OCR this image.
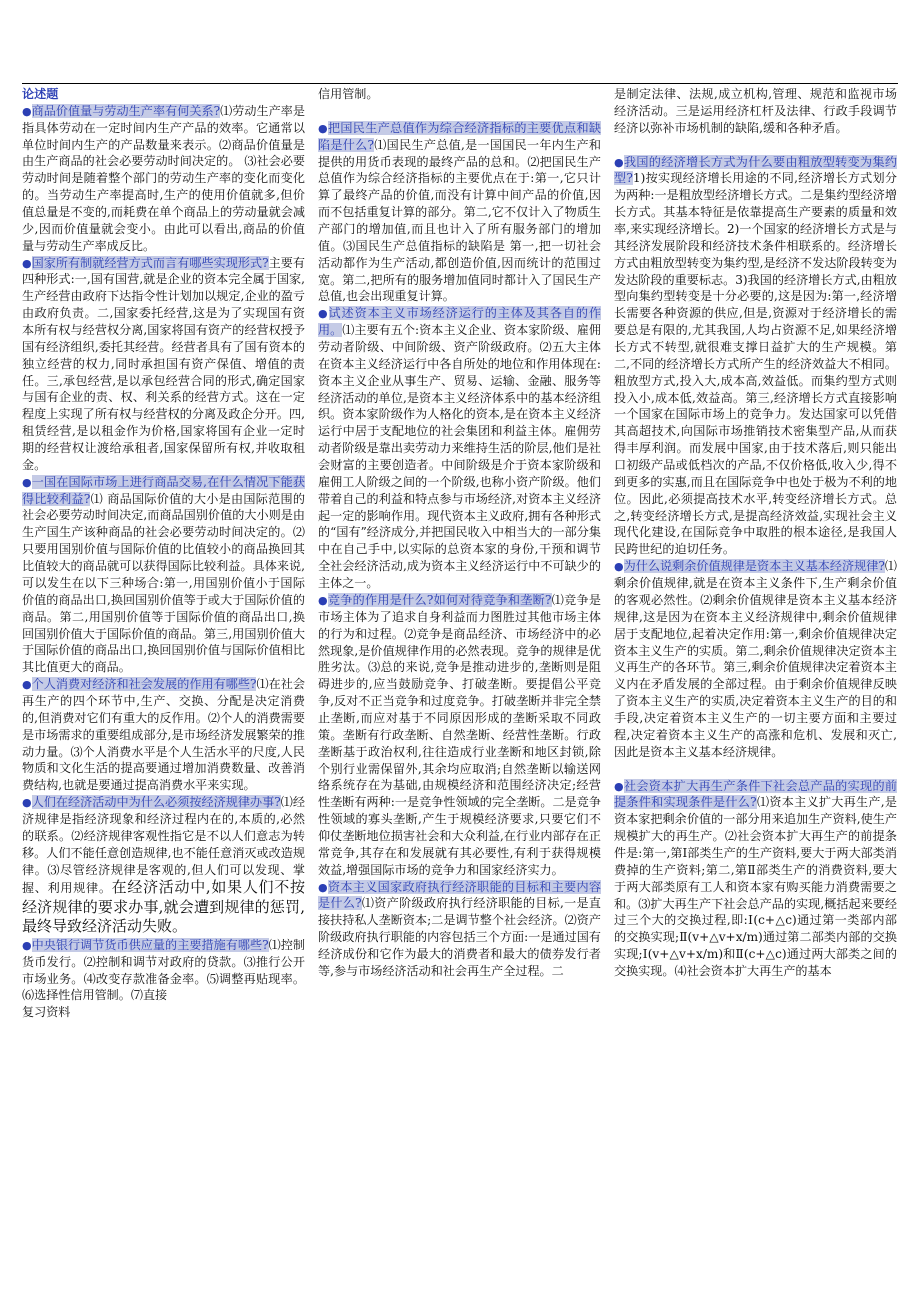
论述题

●商品价值量与劳动生产率有何关系?⑴劳动生产率是指具体劳动在一定时间内生产产品的效率。它通常以单位时间内生产的产品数量来表示。⑵商品价值量是由生产商品的社会必要劳动时间决定的。 ⑶社会必要劳动时间是随着整个部门的劳动生产率的变化而变化的。当劳动生产率提高时,生产的使用价值就多,但价值总量是不变的,而耗费在单个商品上的劳动量就会减少,因而价值量就会变小。由此可以看出,商品的价值量与劳动生产率成反比。

●国家所有制就经营方式而言有哪些实现形式?主要有四种形式:一,国有国营,就是企业的资本完全属于国家,生产经营由政府下达指令性计划加以规定,企业的盈亏由政府负责。二,国家委托经营,这是为了实现国有资本所有权与经营权分离,国家将国有资产的经营权授予国有经济组织,委托其经营。经营者具有了国有资本的独立经营的权力,同时承担国有资产保值、增值的责任。三,承包经营,是以承包经营合同的形式,确定国家与国有企业的责、权、利关系的经营方式。这在一定程度上实现了所有权与经营权的分离及政企分开。四,租赁经营,是以租金作为价格,国家将国有企业一定时期的经营权让渡给承租者,国家保留所有权,并收取租金。

●一国在国际市场上进行商品交易,在什么情况下能获得比较利益?⑴ 商品国际价值的大小是由国际范围的社会必要劳动时间决定,而商品国别价值的大小则是由生产国生产该种商品的社会必要劳动时间决定的。⑵只要用国别价值与国际价值的比值较小的商品换回其比值较大的商品就可以获得国际比较利益。具体来说,可以发生在以下三种场合:第一,用国别价值小于国际价值的商品出口,换回国别价值等于或大于国际价值的商品。第二,用国别价值等于国际价值的商品出口,换回国别价值大于国际价值的商品。第三,用国别价值大于国际价值的商品出口,换回国别价值与国际价值相比其比值更大的商品。

●个人消费对经济和社会发展的作用有哪些?⑴在社会再生产的四个环节中,生产、交换、分配是决定消费的,但消费对它们有重大的反作用。⑵个人的消费需要是市场需求的重要组成部分,是市场经济发展繁荣的推动力量。⑶个人消费水平是个人生活水平的尺度,人民物质和文化生活的提高要通过增加消费数量、改善消费结构,也就是要通过提高消费水平来实现。

●人们在经济活动中为什么必须按经济规律办事?⑴经济规律是指经济现象和经济过程内在的,本质的,必然的联系。⑵经济规律客观性指它是不以人们意志为转移。人们不能任意创造规律,也不能任意消灭或改造规律。⑶尽管经济规律是客观的,但人们可以发现、掌握、利用规律。在经济活动中,如果人们不按经济规律的要求办事,就会遭到规律的惩罚,最终导致经济活动失败。

●中央银行调节货币供应量的主要措施有哪些?⑴控制货币发行。⑵控制和调节对政府的贷款。⑶推行公开市场业务。⑷改变存款准备金率。⑸调整再贴现率。⑹选择性信用管制。⑺直接

复习资料

信用管制。

●把国民生产总值作为综合经济指标的主要优点和缺陷是什么?⑴国民生产总值,是一国国民一年内生产和提供的用货币表现的最终产品的总和。⑵把国民生产总值作为综合经济指标的主要优点在于:第一,它只计算了最终产品的价值,而没有计算中间产品的价值,因而不包括重复计算的部分。第二,它不仅计入了物质生产部门的增加值,而且也计入了所有服务部门的增加值。⑶国民生产总值指标的缺陷是 第一,把一切社会活动都作为生产活动,都创造价值,因而统计的范围过宽。第二,把所有的服务增加值同时都计入了国民生产总值,也会出现重复计算。

●试述资本主义市场经济运行的主体及其各自的作用。⑴主要有五个:资本主义企业、资本家阶级、雇佣劳动者阶级、中间阶级、资产阶级政府。⑵五大主体在资本主义经济运行中各自所处的地位和作用体现在:资本主义企业从事生产、贸易、运输、金融、服务等经济活动的单位,是资本主义经济体系中的基本经济组织。资本家阶级作为人格化的资本,是在资本主义经济运行中居于支配地位的社会集团和利益主体。雇佣劳动者阶级是靠出卖劳动力来维持生活的阶层,他们是社会财富的主要创造者。中间阶级是介于资本家阶级和雇佣工人阶级之间的一个阶级,也称小资产阶级。他们带着自己的利益和特点参与市场经济,对资本主义经济起一定的影响作用。现代资本主义政府,拥有各种形式的“国有”经济成分,并把国民收入中相当大的一部分集中在自己手中,以实际的总资本家的身份,干预和调节全社会经济活动,成为资本主义经济运行中不可缺少的主体之一。

●竞争的作用是什么?如何对待竞争和垄断?⑴竞争是市场主体为了追求自身利益而力图胜过其他市场主体的行为和过程。⑵竞争是商品经济、市场经济中的必然现象,是价值规律作用的必然表现。竞争的规律是优胜劣汰。⑶总的来说,竞争是推动进步的,垄断则是阻碍进步的,应当鼓励竞争、打破垄断。要提倡公平竞争,反对不正当竞争和过度竞争。打破垄断并非完全禁止垄断,而应对基于不同原因形成的垄断采取不同政策。垄断有行政垄断、自然垄断、经营性垄断。行政垄断基于政治权利,往往造成行业垄断和地区封锁,除个别行业需保留外,其余均应取消;自然垄断以输送网络系统存在为基础,由规模经济和范围经济决定;经营性垄断有两种:一是竞争性领域的完全垄断。二是竞争性领域的寡头垄断,产生于规模经济要求,只要它们不仰仗垄断地位损害社会和大众利益,在行业内部存在正常竞争,其存在和发展就有其必要性,有利于获得规模效益,增强国际市场的竞争力和国家经济实力。

●资本主义国家政府执行经济职能的目标和主要内容是什么?⑴资产阶级政府执行经济职能的目标,一是直接扶持私人垄断资本;二是调节整个社会经济。⑵资产阶级政府执行职能的内容包括三个方面:一是通过国有经济成份和它作为最大的消费者和最大的债券发行者等,参与市场经济活动和社会再生产全过程。二

是制定法律、法规,成立机构,管理、规范和监视市场经济活动。三是运用经济杠杆及法律、行政手段调节经济以弥补市场机制的缺陷,缓和各种矛盾。

●我国的经济增长方式为什么要由粗放型转变为集约型?1)按实现经济增长用途的不同,经济增长方式划分为两种:一是粗放型经济增长方式。二是集约型经济增长方式。其基本特征是依靠提高生产要素的质量和效率,来实现经济增长。2)一个国家的经济增长方式是与其经济发展阶段和经济技术条件相联系的。经济增长方式由粗放型转变为集约型,是经济不发达阶段转变为发达阶段的重要标志。3)我国的经济增长方式,由粗放型向集约型转变是十分必要的,这是因为:第一,经济增长需要各种资源的供应,但是,资源对于经济增长的需要总是有限的,尤其我国,人均占资源不足,如果经济增长方式不转型,就很难支撑日益扩大的生产规模。第二,不同的经济增长方式所产生的经济效益大不相同。粗放型方式,投入大,成本高,效益低。而集约型方式则投入小,成本低,效益高。第三,经济增长方式直接影响一个国家在国际市场上的竞争力。发达国家可以凭借其高超技术,向国际市场推销技术密集型产品,从而获得丰厚利润。而发展中国家,由于技术落后,则只能出口初级产品或低档次的产品,不仅价格低,收入少,得不到更多的实惠,而且在国际竞争中也处于极为不利的地位。因此,必须提高技术水平,转变经济增长方式。总之,转变经济增长方式,是提高经济效益,实现社会主义现代化建设,在国际竞争中取胜的根本途径,是我国人民跨世纪的迫切任务。

●为什么说剩余价值规律是资本主义基本经济规律?⑴剩余价值规律,就是在资本主义条件下,生产剩余价值的客观必然性。⑵剩余价值规律是资本主义基本经济规律,这是因为在资本主义经济规律中,剩余价值规律居于支配地位,起着决定作用:第一,剩余价值规律决定资本主义生产的实质。第二,剩余价值规律决定资本主义再生产的各环节。第三,剩余价值规律决定着资本主义内在矛盾发展的全部过程。由于剩余价值规律反映了资本主义生产的实质,决定着资本主义生产的目的和手段,决定着资本主义生产的一切主要方面和主要过程,决定着资本主义生产的高涨和危机、发展和灭亡,因此是资本主义基本经济规律。

●社会资本扩大再生产条件下社会总产品的实现的前提条件和实现条件是什么?⑴资本主义扩大再生产,是资本家把剩余价值的一部分用来追加生产资料,使生产规模扩大的再生产。⑵社会资本扩大再生产的前提条件是:第一,第Ⅰ部类生产的生产资料,要大于两大部类消费掉的生产资料;第二,第Ⅱ部类生产的消费资料,要大于两大部类原有工人和资本家有购买能力消费需要之和。⑶扩大再生产下社会总产品的实现,概括起来要经过三个大的交换过程,即:Ⅰ(c+△c)通过第一类部内部的交换实现;Ⅱ(v+△v+x/m)通过第二部类内部的交换实现;Ⅰ(v+△v+x/m)和Ⅱ(c+△c)通过两大部类之间的交换实现。⑷社会资本扩大再生产的基本
